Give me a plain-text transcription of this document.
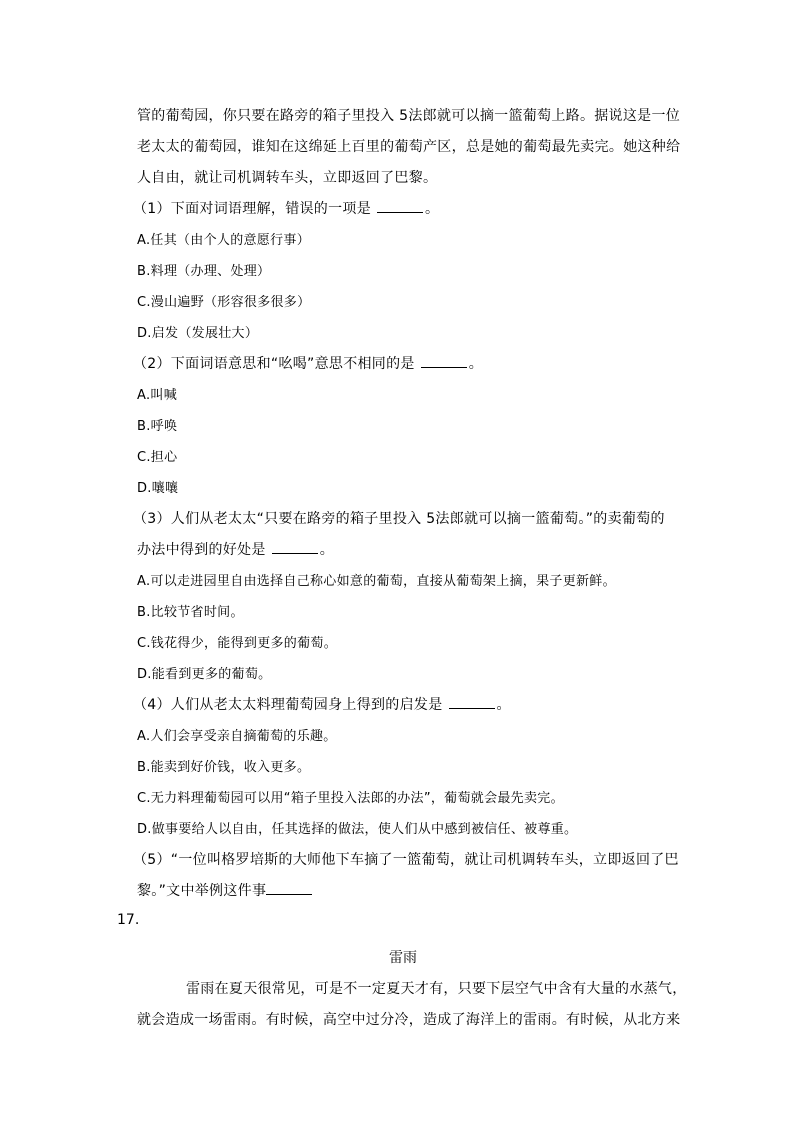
管的葡萄园，你只要在路旁的箱子里投入 5法郎就可以摘一篮葡萄上路。据说这是一位
老太太的葡萄园，谁知在这绵延上百里的葡萄产区，总是她的葡萄最先卖完。她这种给
人自由，就让司机调转车头，立即返回了巴黎。
（1）下面对词语理解，错误的一项是	。
A.任其（由个人的意愿行事）
B.料理（办理、处理）
C.漫山遍野（形容很多很多）
D.启发（发展壮大）
（2）下面词语意思和“吆喝”意思不相同的是	。
A.叫喊
B.呼唤
C.担心
D.嚷嚷
（3）人们从老太太“只要在路旁的箱子里投入 5法郎就可以摘一篮葡萄。”的卖葡萄的
办法中得到的好处是	。
A.可以走进园里自由选择自己称心如意的葡萄，直接从葡萄架上摘，果子更新鲜。
B.比较节省时间。
C.钱花得少，能得到更多的葡萄。
D.能看到更多的葡萄。
（4）人们从老太太料理葡萄园身上得到的启发是	。
A.人们会享受亲自摘葡萄的乐趣。
B.能卖到好价钱，收入更多。
C.无力料理葡萄园可以用“箱子里投入法郎的办法”，葡萄就会最先卖完。
D.做事要给人以自由，任其选择的做法，使人们从中感到被信任、被尊重。
（5）“一位叫格罗培斯的大师他下车摘了一篮葡萄，就让司机调转车头，立即返回了巴
黎。”文中举例这件事
17.
雷雨
雷雨在夏天很常见，可是不一定夏天才有，只要下层空气中含有大量的水蒸气，
就会造成一场雷雨。有时候，高空中过分冷，造成了海洋上的雷雨。有时候，从北方来
